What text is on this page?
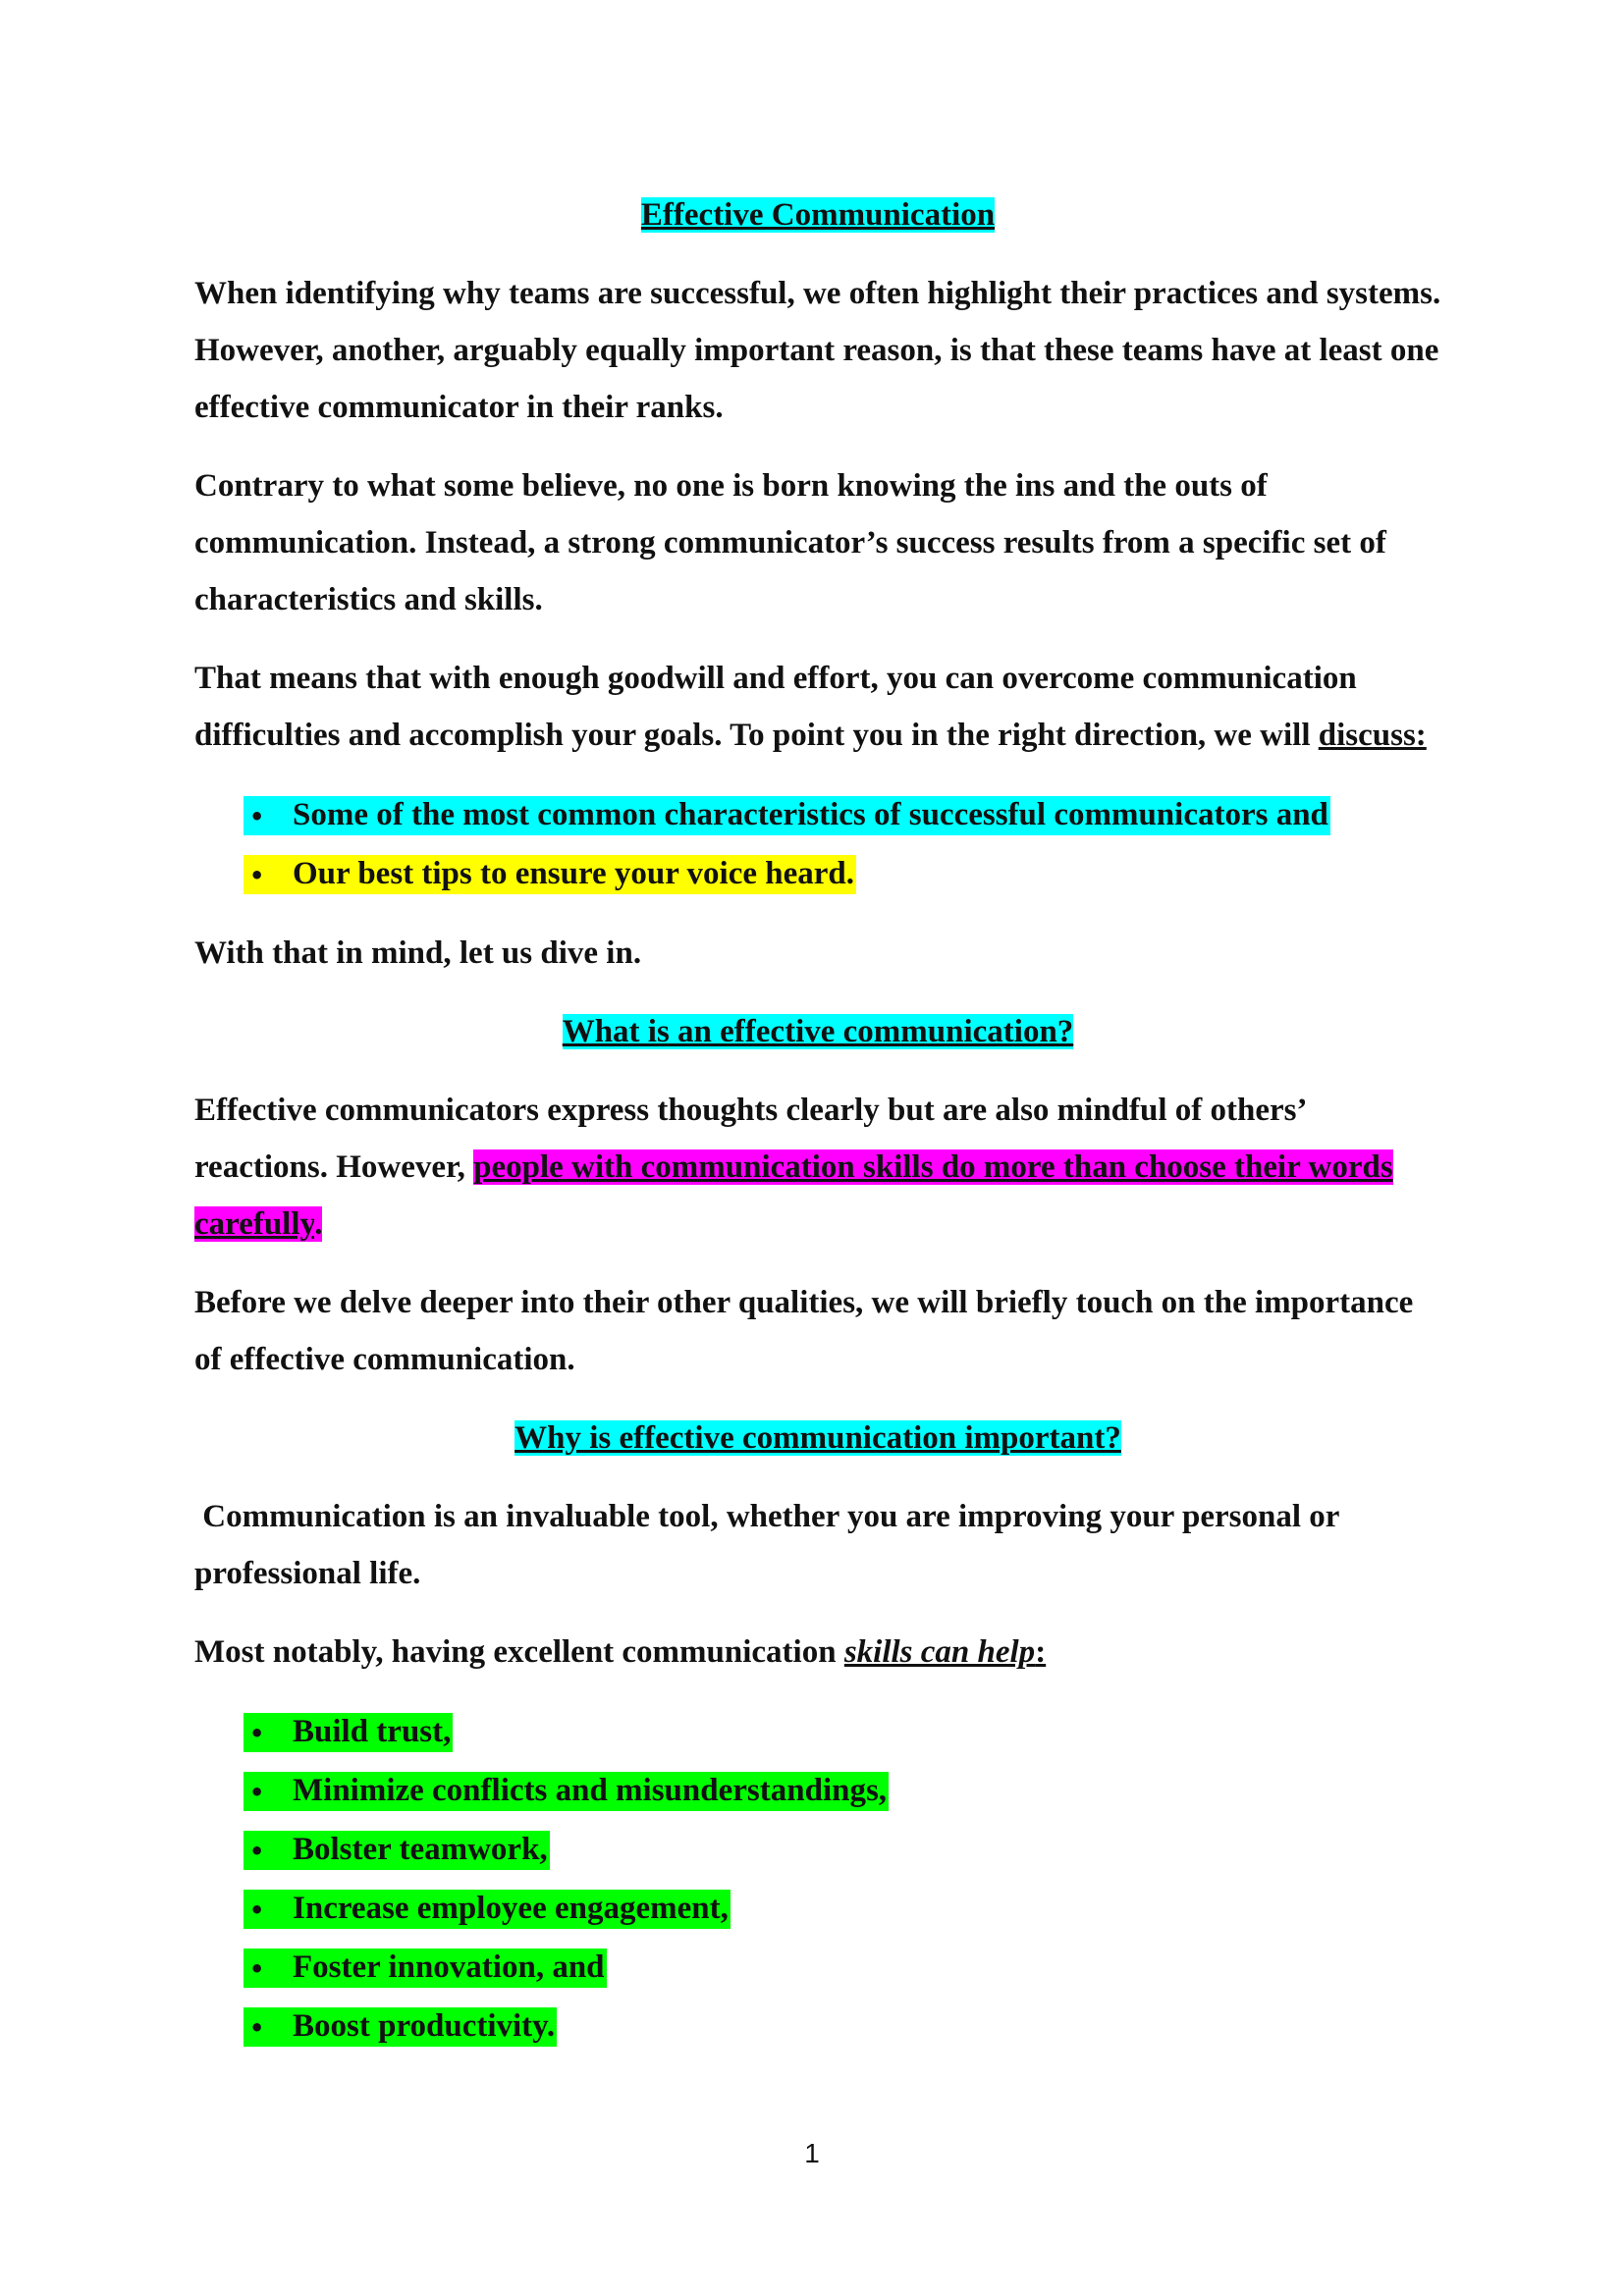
Effective Communication

When identifying why teams are successful, we often highlight their practices and systems. However, another, arguably equally important reason, is that these teams have at least one effective communicator in their ranks.

Contrary to what some believe, no one is born knowing the ins and the outs of communication. Instead, a strong communicator’s success results from a specific set of characteristics and skills.

That means that with enough goodwill and effort, you can overcome communication difficulties and accomplish your goals. To point you in the right direction, we will discuss:

• Some of the most common characteristics of successful communicators and
• Our best tips to ensure your voice heard.

With that in mind, let us dive in.

What is an effective communication?

Effective communicators express thoughts clearly but are also mindful of others’ reactions. However, people with communication skills do more than choose their words carefully.

Before we delve deeper into their other qualities, we will briefly touch on the importance of effective communication.

Why is effective communication important?

Communication is an invaluable tool, whether you are improving your personal or professional life.

Most notably, having excellent communication skills can help:

• Build trust,
• Minimize conflicts and misunderstandings,
• Bolster teamwork,
• Increase employee engagement,
• Foster innovation, and
• Boost productivity.
1
